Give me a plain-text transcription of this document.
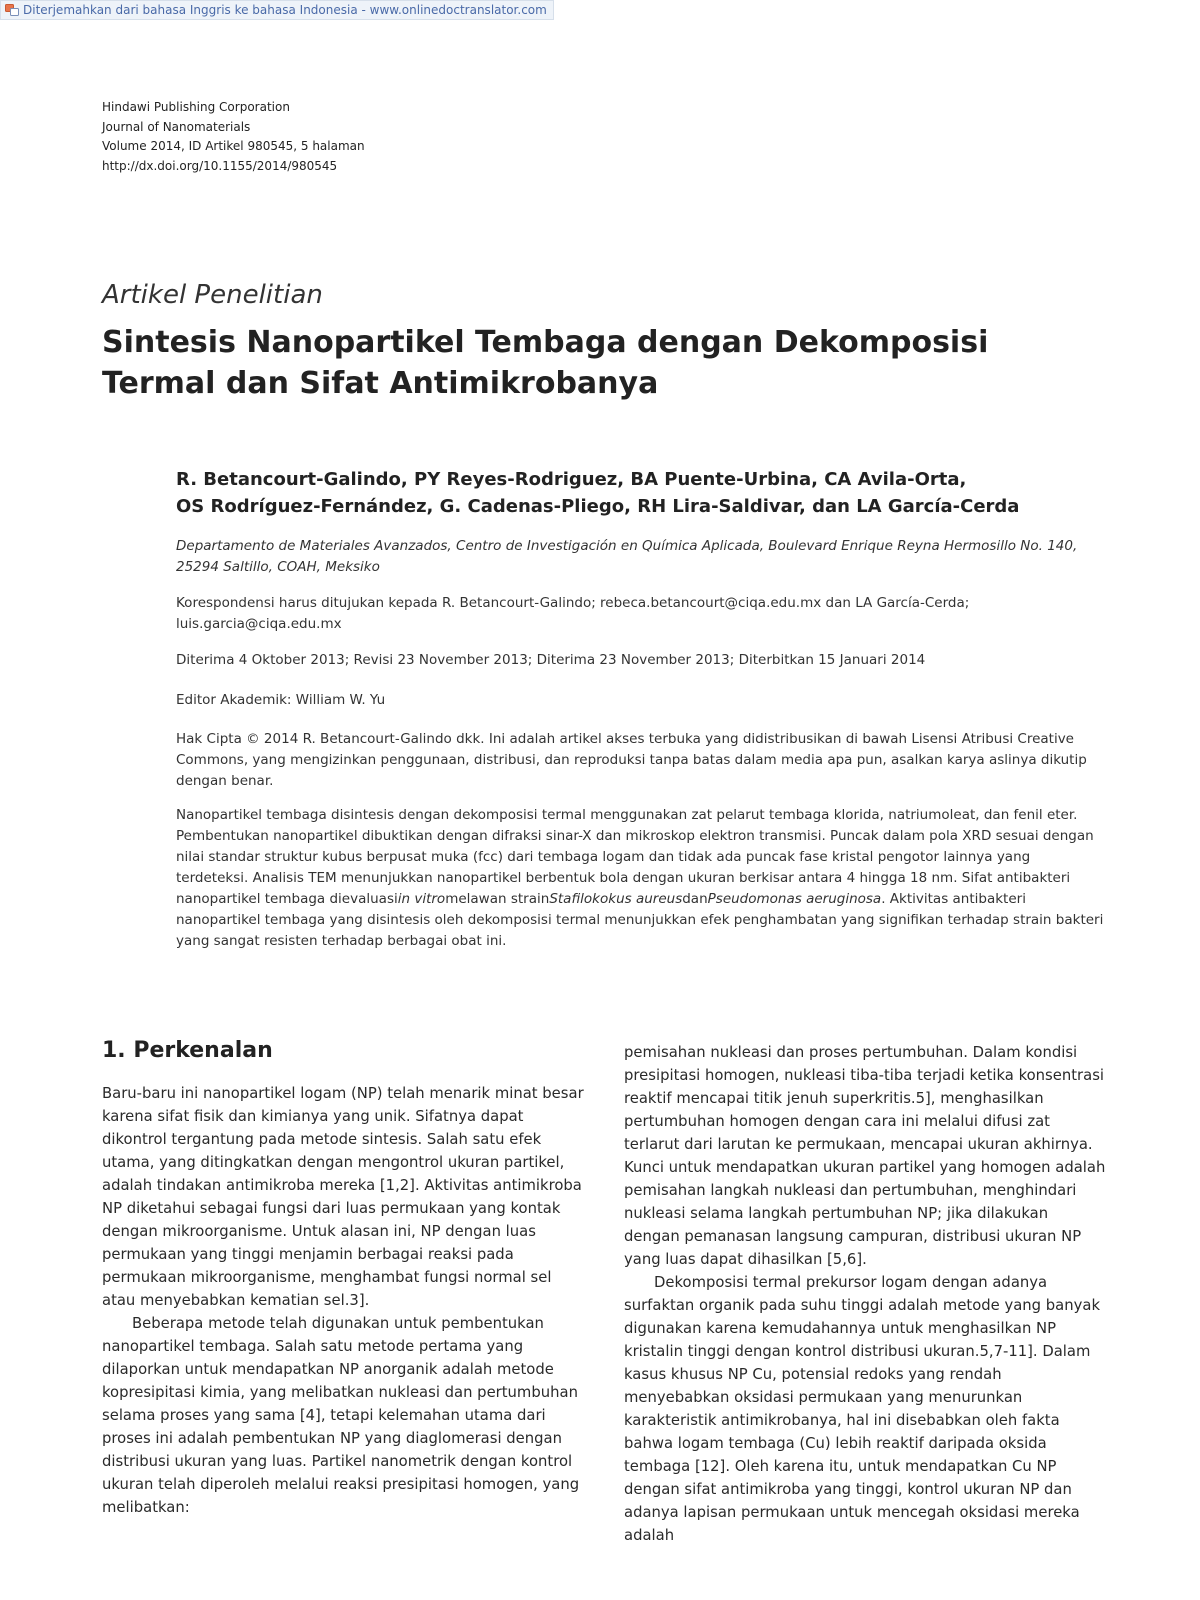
Diterjemahkan dari bahasa Inggris ke bahasa Indonesia - www.onlinedoctranslator.com
Hindawi Publishing Corporation
Journal of Nanomaterials
Volume 2014, ID Artikel 980545, 5 halaman
http://dx.doi.org/10.1155/2014/980545
Artikel Penelitian
Sintesis Nanopartikel Tembaga dengan Dekomposisi Termal dan Sifat Antimikrobanya
R. Betancourt-Galindo, PY Reyes-Rodriguez, BA Puente-Urbina, CA Avila-Orta,
OS Rodríguez-Fernández, G. Cadenas-Pliego, RH Lira-Saldivar, dan LA García-Cerda
Departamento de Materiales Avanzados, Centro de Investigación en Química Aplicada, Boulevard Enrique Reyna Hermosillo No. 140, 25294 Saltillo, COAH, Meksiko
Korespondensi harus ditujukan kepada R. Betancourt-Galindo; rebeca.betancourt@ciqa.edu.mx dan LA García-Cerda; luis.garcia@ciqa.edu.mx
Diterima 4 Oktober 2013; Revisi 23 November 2013; Diterima 23 November 2013; Diterbitkan 15 Januari 2014
Editor Akademik: William W. Yu
Hak Cipta © 2014 R. Betancourt-Galindo dkk. Ini adalah artikel akses terbuka yang didistribusikan di bawah Lisensi Atribusi Creative Commons, yang mengizinkan penggunaan, distribusi, dan reproduksi tanpa batas dalam media apa pun, asalkan karya aslinya dikutip dengan benar.
Nanopartikel tembaga disintesis dengan dekomposisi termal menggunakan zat pelarut tembaga klorida, natriumoleat, dan fenil eter. Pembentukan nanopartikel dibuktikan dengan difraksi sinar-X dan mikroskop elektron transmisi. Puncak dalam pola XRD sesuai dengan nilai standar struktur kubus berpusat muka (fcc) dari tembaga logam dan tidak ada puncak fase kristal pengotor lainnya yang terdeteksi. Analisis TEM menunjukkan nanopartikel berbentuk bola dengan ukuran berkisar antara 4 hingga 18 nm. Sifat antibakteri nanopartikel tembaga dievaluasiin vitromelawan strainStafilokokus aureusdanPseudomonas aeruginosa. Aktivitas antibakteri nanopartikel tembaga yang disintesis oleh dekomposisi termal menunjukkan efek penghambatan yang signifikan terhadap strain bakteri yang sangat resisten terhadap berbagai obat ini.
1. Perkenalan

Baru-baru ini nanopartikel logam (NP) telah menarik minat besar karena sifat fisik dan kimianya yang unik. Sifatnya dapat dikontrol tergantung pada metode sintesis. Salah satu efek utama, yang ditingkatkan dengan mengontrol ukuran partikel, adalah tindakan antimikroba mereka [1,2]. Aktivitas antimikroba NP diketahui sebagai fungsi dari luas permukaan yang kontak dengan mikroorganisme. Untuk alasan ini, NP dengan luas permukaan yang tinggi menjamin berbagai reaksi pada permukaan mikroorganisme, menghambat fungsi normal sel atau menyebabkan kematian sel.3].

Beberapa metode telah digunakan untuk pembentukan nanopartikel tembaga. Salah satu metode pertama yang dilaporkan untuk mendapatkan NP anorganik adalah metode kopresipitasi kimia, yang melibatkan nukleasi dan pertumbuhan selama proses yang sama [4], tetapi kelemahan utama dari proses ini adalah pembentukan NP yang diaglomerasi dengan distribusi ukuran yang luas. Partikel nanometrik dengan kontrol ukuran telah diperoleh melalui reaksi presipitasi homogen, yang melibatkan:

pemisahan nukleasi dan proses pertumbuhan. Dalam kondisi presipitasi homogen, nukleasi tiba-tiba terjadi ketika konsentrasi reaktif mencapai titik jenuh superkritis.5], menghasilkan pertumbuhan homogen dengan cara ini melalui difusi zat terlarut dari larutan ke permukaan, mencapai ukuran akhirnya. Kunci untuk mendapatkan ukuran partikel yang homogen adalah pemisahan langkah nukleasi dan pertumbuhan, menghindari nukleasi selama langkah pertumbuhan NP; jika dilakukan dengan pemanasan langsung campuran, distribusi ukuran NP yang luas dapat dihasilkan [5,6].

Dekomposisi termal prekursor logam dengan adanya surfaktan organik pada suhu tinggi adalah metode yang banyak digunakan karena kemudahannya untuk menghasilkan NP kristalin tinggi dengan kontrol distribusi ukuran.5,7-11]. Dalam kasus khusus NP Cu, potensial redoks yang rendah menyebabkan oksidasi permukaan yang menurunkan karakteristik antimikrobanya, hal ini disebabkan oleh fakta bahwa logam tembaga (Cu) lebih reaktif daripada oksida tembaga [12]. Oleh karena itu, untuk mendapatkan Cu NP dengan sifat antimikroba yang tinggi, kontrol ukuran NP dan adanya lapisan permukaan untuk mencegah oksidasi mereka adalah
